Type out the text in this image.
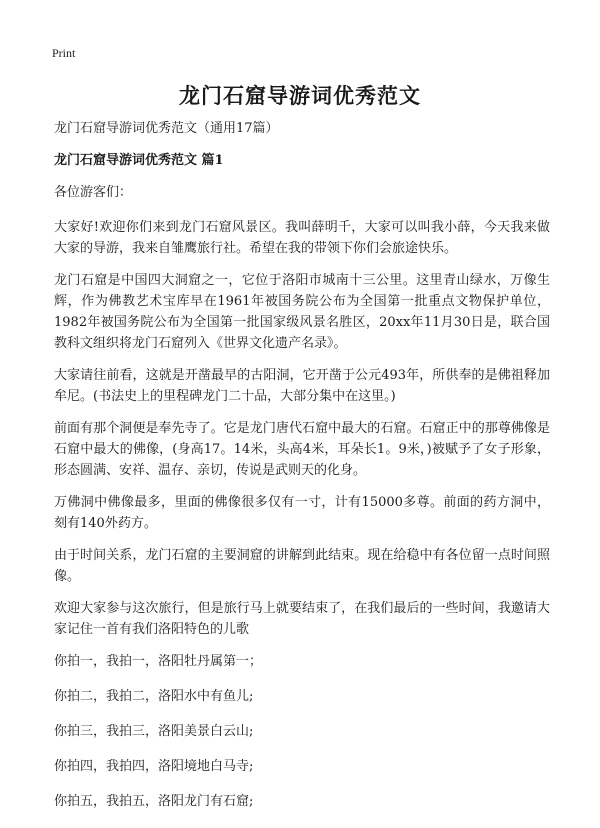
Print
龙门石窟导游词优秀范文
龙门石窟导游词优秀范文（通用17篇）
龙门石窟导游词优秀范文 篇1
各位游客们：
大家好!欢迎你们来到龙门石窟风景区。我叫薛明千，大家可以叫我小薛，今天我来做大家的导游，我来自雏鹰旅行社。希望在我的带领下你们会旅途快乐。
龙门石窟是中国四大洞窟之一，它位于洛阳市城南十三公里。这里青山绿水，万像生辉，作为佛教艺术宝库早在1961年被国务院公布为全国第一批重点文物保护单位，1982年被国务院公布为全国第一批国家级风景名胜区，20xx年11月30日是，联合国教科文组织将龙门石窟列入《世界文化遗产名录》。
大家请往前看，这就是开凿最早的古阳洞，它开凿于公元493年，所供奉的是佛祖释加牟尼。(书法史上的里程碑龙门二十品，大部分集中在这里。)
前面有那个洞便是奉先寺了。它是龙门唐代石窟中最大的石窟。石窟正中的那尊佛像是石窟中最大的佛像，(身高17。14米，头高4米，耳朵长1。9米，)被赋予了女子形象，形态圆满、安祥、温存、亲切，传说是武则天的化身。
万佛洞中佛像最多，里面的佛像很多仅有一寸，计有15000多尊。前面的药方洞中，刻有140外药方。
由于时间关系，龙门石窟的主要洞窟的讲解到此结束。现在给稳中有各位留一点时间照像。
欢迎大家参与这次旅行，但是旅行马上就要结束了，在我们最后的一些时间，我邀请大家记住一首有我们洛阳特色的儿歌
你拍一，我拍一，洛阳牡丹属第一；
你拍二，我拍二，洛阳水中有鱼儿;
你拍三，我拍三，洛阳美景白云山;
你拍四，我拍四，洛阳境地白马寺;
你拍五，我拍五，洛阳龙门有石窟;
